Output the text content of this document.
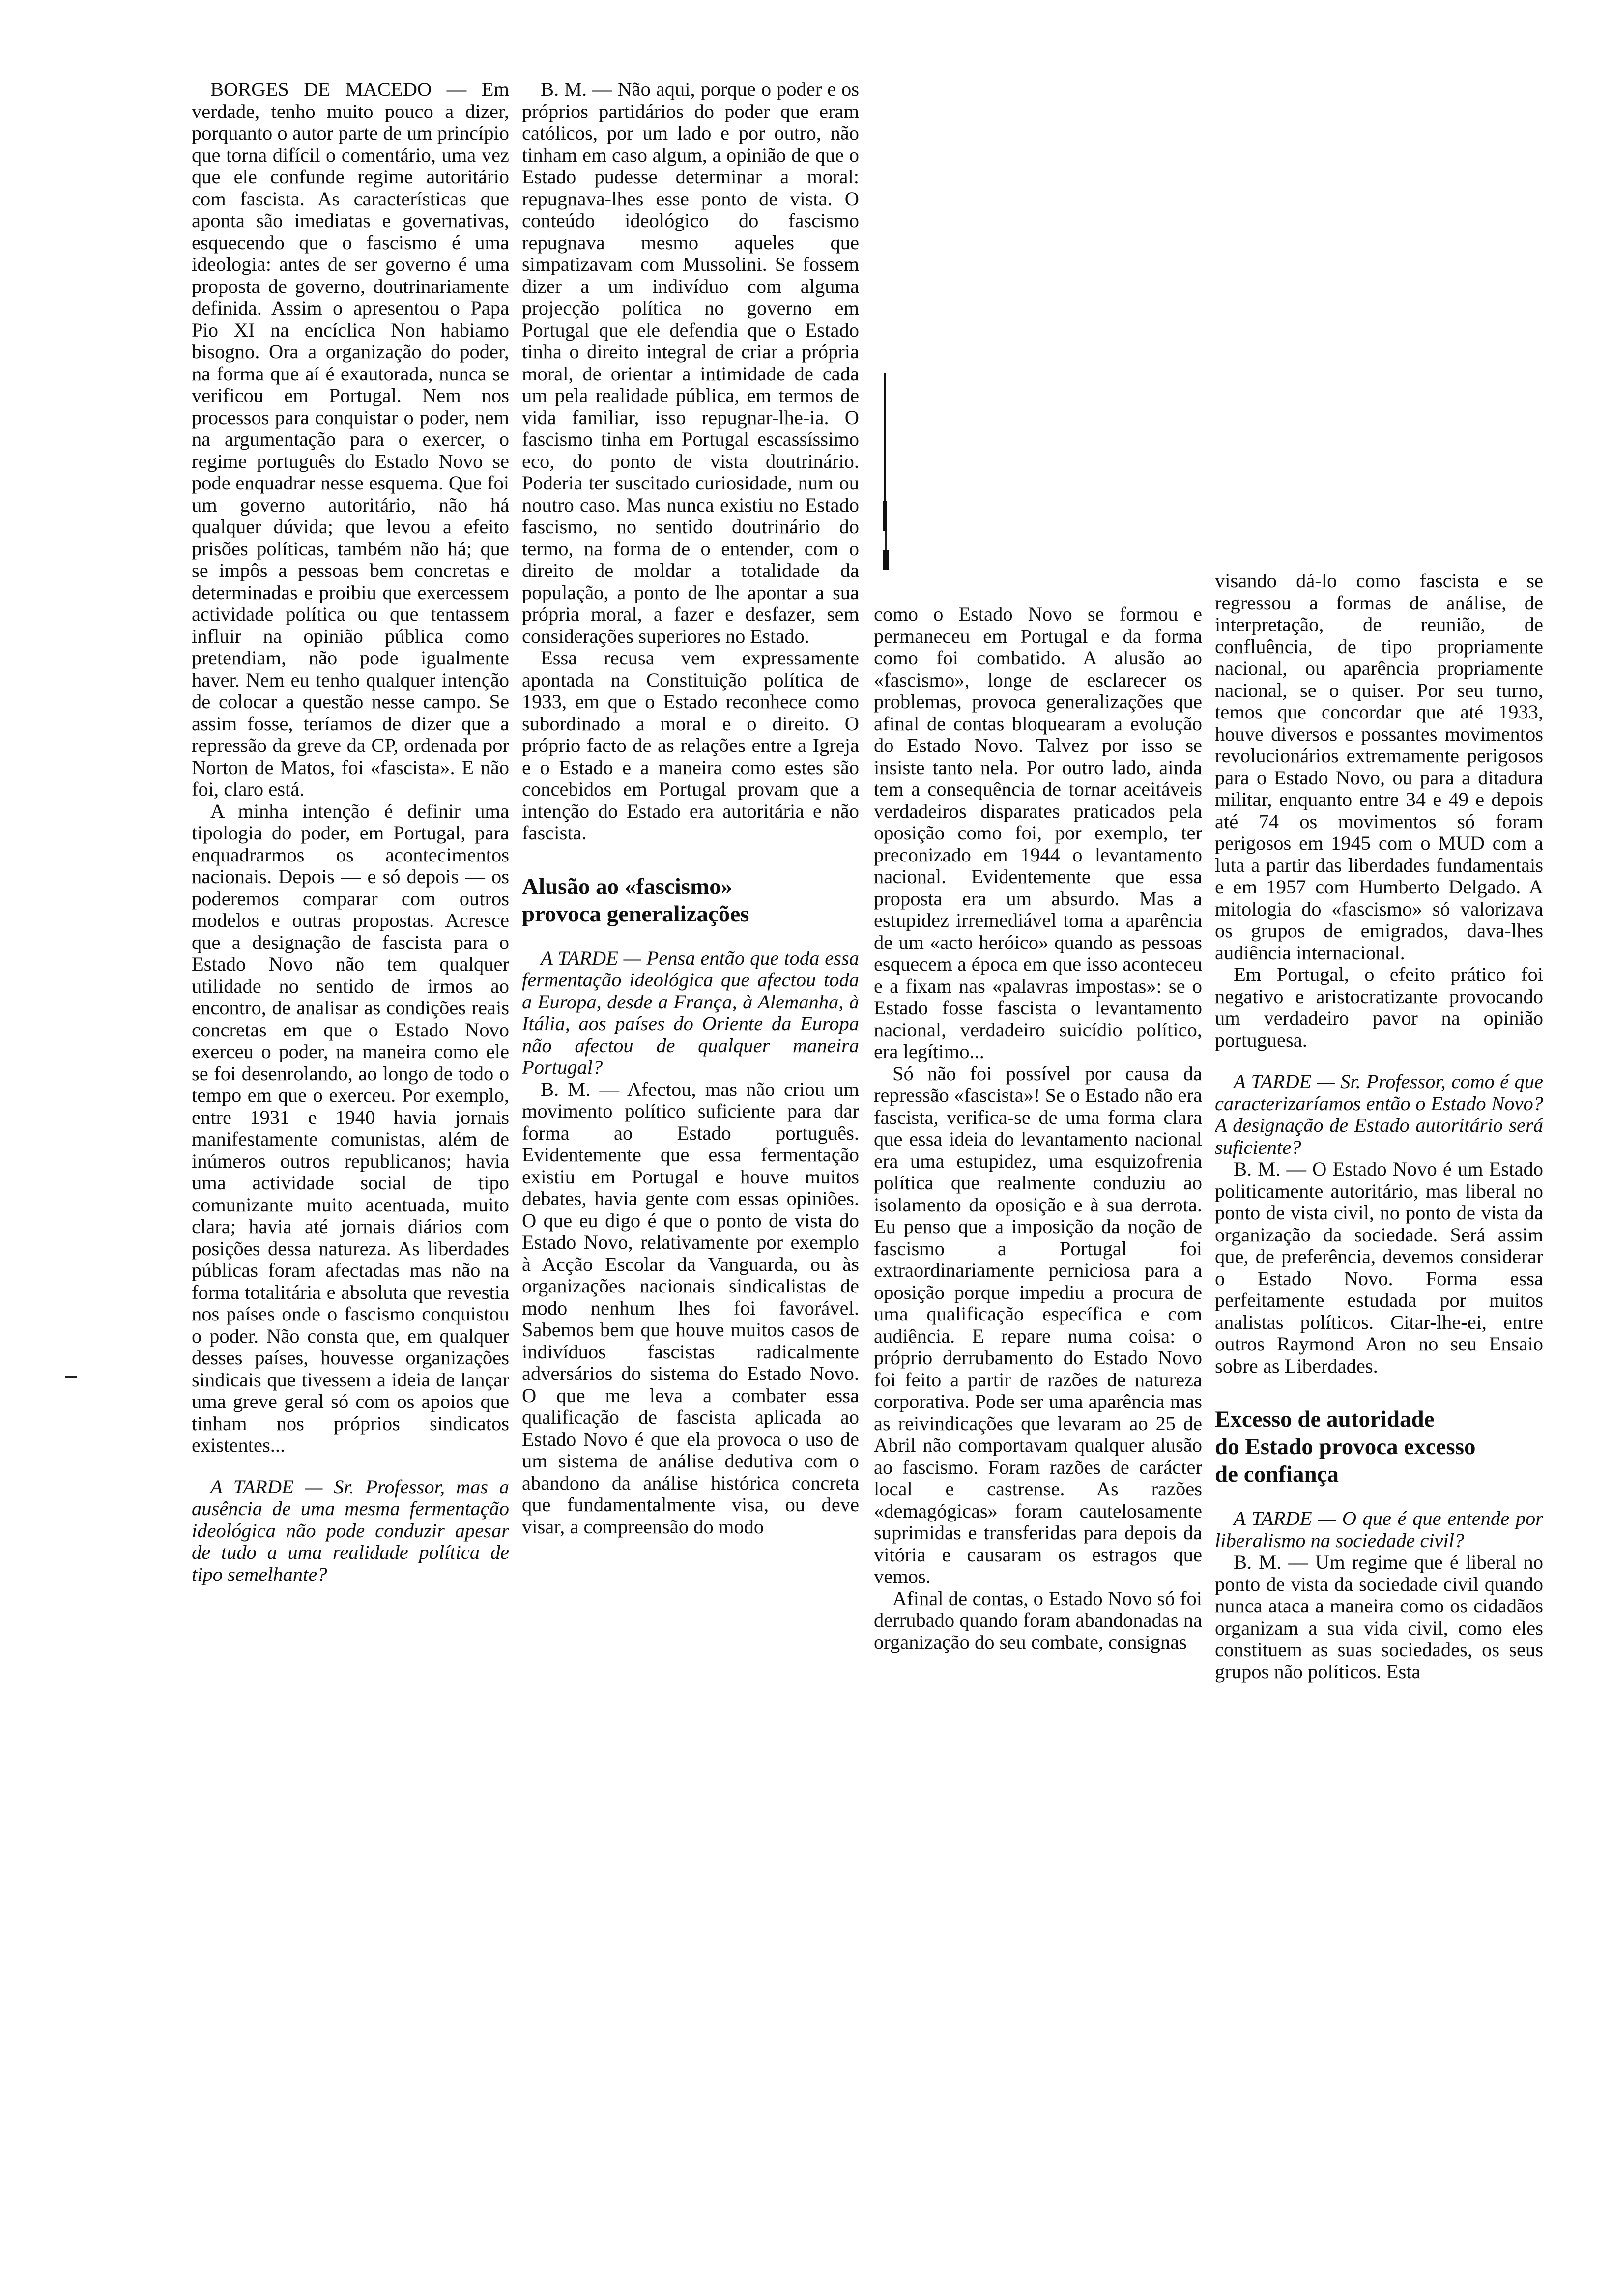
BORGES DE MACEDO — Em verdade, tenho muito pouco a dizer, porquanto o autor parte de um princípio que torna difícil o comentário, uma vez que ele confunde regime autoritário com fascista. As características que aponta são imediatas e governativas, esquecendo que o fascismo é uma ideologia: antes de ser governo é uma proposta de governo, doutrinariamente definida. Assim o apresentou o Papa Pio XI na encíclica Non habiamo bisogno. Ora a organização do poder, na forma que aí é exautorada, nunca se verificou em Portugal. Nem nos processos para conquistar o poder, nem na argumentação para o exercer, o regime português do Estado Novo se pode enquadrar nesse esquema. Que foi um governo autoritário, não há qualquer dúvida; que levou a efeito prisões políticas, também não há; que se impôs a pessoas bem concretas e determinadas e proibiu que exercessem actividade política ou que tentassem influir na opinião pública como pretendiam, não pode igualmente haver. Nem eu tenho qualquer intenção de colocar a questão nesse campo. Se assim fosse, teríamos de dizer que a repressão da greve da CP, ordenada por Norton de Matos, foi «fascista». E não foi, claro está.

A minha intenção é definir uma tipologia do poder, em Portugal, para enquadrarmos os acontecimentos nacionais. Depois — e só depois — os poderemos comparar com outros modelos e outras propostas. Acresce que a designação de fascista para o Estado Novo não tem qualquer utilidade no sentido de irmos ao encontro, de analisar as condições reais concretas em que o Estado Novo exerceu o poder, na maneira como ele se foi desenrolando, ao longo de todo o tempo em que o exerceu. Por exemplo, entre 1931 e 1940 havia jornais manifestamente comunistas, além de inúmeros outros republicanos; havia uma actividade social de tipo comunizante muito acentuada, muito clara; havia até jornais diários com posições dessa natureza. As liberdades públicas foram afectadas mas não na forma totalitária e absoluta que revestia nos países onde o fascismo conquistou o poder. Não consta que, em qualquer desses países, houvesse organizações sindicais que tivessem a ideia de lançar uma greve geral só com os apoios que tinham nos próprios sindicatos existentes...

A TARDE — Sr. Professor, mas a ausência de uma mesma fermentação ideológica não pode conduzir apesar de tudo a uma realidade política de tipo semelhante?

B. M. — Não aqui, porque o poder e os próprios partidários do poder que eram católicos, por um lado e por outro, não tinham em caso algum, a opinião de que o Estado pudesse determinar a moral: repugnava-lhes esse ponto de vista. O conteúdo ideológico do fascismo repugnava mesmo aqueles que simpatizavam com Mussolini. Se fossem dizer a um indivíduo com alguma projecção política no governo em Portugal que ele defendia que o Estado tinha o direito integral de criar a própria moral, de orientar a intimidade de cada um pela realidade pública, em termos de vida familiar, isso repugnar-lhe-ia. O fascismo tinha em Portugal escassíssimo eco, do ponto de vista doutrinário. Poderia ter suscitado curiosidade, num ou noutro caso. Mas nunca existiu no Estado fascismo, no sentido doutrinário do termo, na forma de o entender, com o direito de moldar a totalidade da população, a ponto de lhe apontar a sua própria moral, a fazer e desfazer, sem considerações superiores no Estado.

Essa recusa vem expressamente apontada na Constituição política de 1933, em que o Estado reconhece como subordinado a moral e o direito. O próprio facto de as relações entre a Igreja e o Estado e a maneira como estes são concebidos em Portugal provam que a intenção do Estado era autoritária e não fascista.

Alusão ao «fascismo»
provoca generalizações

A TARDE — Pensa então que toda essa fermentação ideológica que afectou toda a Europa, desde a França, à Alemanha, à Itália, aos países do Oriente da Europa não afectou de qualquer maneira Portugal?

B. M. — Afectou, mas não criou um movimento político suficiente para dar forma ao Estado português. Evidentemente que essa fermentação existiu em Portugal e houve muitos debates, havia gente com essas opiniões. O que eu digo é que o ponto de vista do Estado Novo, relativamente por exemplo à Acção Escolar da Vanguarda, ou às organizações nacionais sindicalistas de modo nenhum lhes foi favorável. Sabemos bem que houve muitos casos de indivíduos fascistas radicalmente adversários do sistema do Estado Novo. O que me leva a combater essa qualificação de fascista aplicada ao Estado Novo é que ela provoca o uso de um sistema de análise dedutiva com o abandono da análise histórica concreta que fundamentalmente visa, ou deve visar, a compreensão do modo

como o Estado Novo se formou e permaneceu em Portugal e da forma como foi combatido. A alusão ao «fascismo», longe de esclarecer os problemas, provoca generalizações que afinal de contas bloquearam a evolução do Estado Novo. Talvez por isso se insiste tanto nela. Por outro lado, ainda tem a consequência de tornar aceitáveis verdadeiros disparates praticados pela oposição como foi, por exemplo, ter preconizado em 1944 o levantamento nacional. Evidentemente que essa proposta era um absurdo. Mas a estupidez irremediável toma a aparência de um «acto heróico» quando as pessoas esquecem a época em que isso aconteceu e a fixam nas «palavras impostas»: se o Estado fosse fascista o levantamento nacional, verdadeiro suicídio político, era legítimo...

Só não foi possível por causa da repressão «fascista»! Se o Estado não era fascista, verifica-se de uma forma clara que essa ideia do levantamento nacional era uma estupidez, uma esquizofrenia política que realmente conduziu ao isolamento da oposição e à sua derrota. Eu penso que a imposição da noção de fascismo a Portugal foi extraordinariamente perniciosa para a oposição porque impediu a procura de uma qualificação específica e com audiência. E repare numa coisa: o próprio derrubamento do Estado Novo foi feito a partir de razões de natureza corporativa. Pode ser uma aparência mas as reivindicações que levaram ao 25 de Abril não comportavam qualquer alusão ao fascismo. Foram razões de carácter local e castrense. As razões «demagógicas» foram cautelosamente suprimidas e transferidas para depois da vitória e causaram os estragos que vemos.

Afinal de contas, o Estado Novo só foi derrubado quando foram abandonadas na organização do seu combate, consignas

visando dá-lo como fascista e se regressou a formas de análise, de interpretação, de reunião, de confluência, de tipo propriamente nacional, ou aparência propriamente nacional, se o quiser. Por seu turno, temos que concordar que até 1933, houve diversos e possantes movimentos revolucionários extremamente perigosos para o Estado Novo, ou para a ditadura militar, enquanto entre 34 e 49 e depois até 74 os movimentos só foram perigosos em 1945 com o MUD com a luta a partir das liberdades fundamentais e em 1957 com Humberto Delgado. A mitologia do «fascismo» só valorizava os grupos de emigrados, dava-lhes audiência internacional.

Em Portugal, o efeito prático foi negativo e aristocratizante provocando um verdadeiro pavor na opinião portuguesa.

A TARDE — Sr. Professor, como é que caracterizaríamos então o Estado Novo? A designação de Estado autoritário será suficiente?

B. M. — O Estado Novo é um Estado politicamente autoritário, mas liberal no ponto de vista civil, no ponto de vista da organização da sociedade. Será assim que, de preferência, devemos considerar o Estado Novo. Forma essa perfeitamente estudada por muitos analistas políticos. Citar-lhe-ei, entre outros Raymond Aron no seu Ensaio sobre as Liberdades.

Excesso de autoridade
do Estado provoca excesso
de confiança

A TARDE — O que é que entende por liberalismo na sociedade civil?

B. M. — Um regime que é liberal no ponto de vista da sociedade civil quando nunca ataca a maneira como os cidadãos organizam a sua vida civil, como eles constituem as suas sociedades, os seus grupos não políticos. Esta
